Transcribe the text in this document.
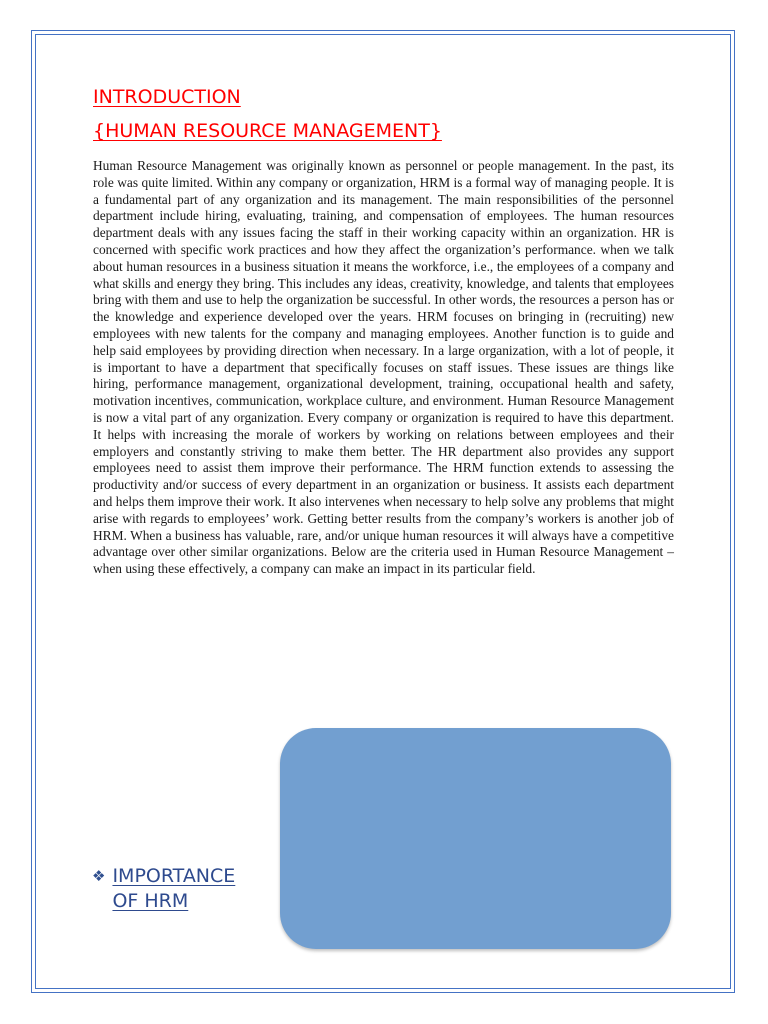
INTRODUCTION
{HUMAN RESOURCE MANAGEMENT}

Human Resource Management was originally known as personnel or people management. In the past, its role was quite limited. Within any company or organization, HRM is a formal way of managing people. It is a fundamental part of any organization and its management. The main responsibilities of the personnel department include hiring, evaluating, training, and compensation of employees. The human resources department deals with any issues facing the staff in their working capacity within an organization. HR is concerned with specific work practices and how they affect the organization’s performance. when we talk about human resources in a business situation it means the workforce, i.e., the employees of a company and what skills and energy they bring. This includes any ideas, creativity, knowledge, and talents that employees bring with them and use to help the organization be successful. In other words, the resources a person has or the knowledge and experience developed over the years. HRM focuses on bringing in (recruiting) new employees with new talents for the company and managing employees. Another function is to guide and help said employees by providing direction when necessary. In a large organization, with a lot of people, it is important to have a department that specifically focuses on staff issues. These issues are things like hiring, performance management, organizational development, training, occupational health and safety, motivation incentives, communication, workplace culture, and environment. Human Resource Management is now a vital part of any organization. Every company or organization is required to have this department. It helps with increasing the morale of workers by working on relations between employees and their employers and constantly striving to make them better. The HR department also provides any support employees need to assist them improve their performance. The HRM function extends to assessing the productivity and/or success of every department in an organization or business. It assists each department and helps them improve their work. It also intervenes when necessary to help solve any problems that might arise with regards to employees’ work. Getting better results from the company’s workers is another job of HRM. When a business has valuable, rare, and/or unique human resources it will always have a competitive advantage over other similar organizations. Below are the criteria used in Human Resource Management – when using these effectively, a company can make an impact in its particular field.

❖ IMPORTANCE
OF HRM
